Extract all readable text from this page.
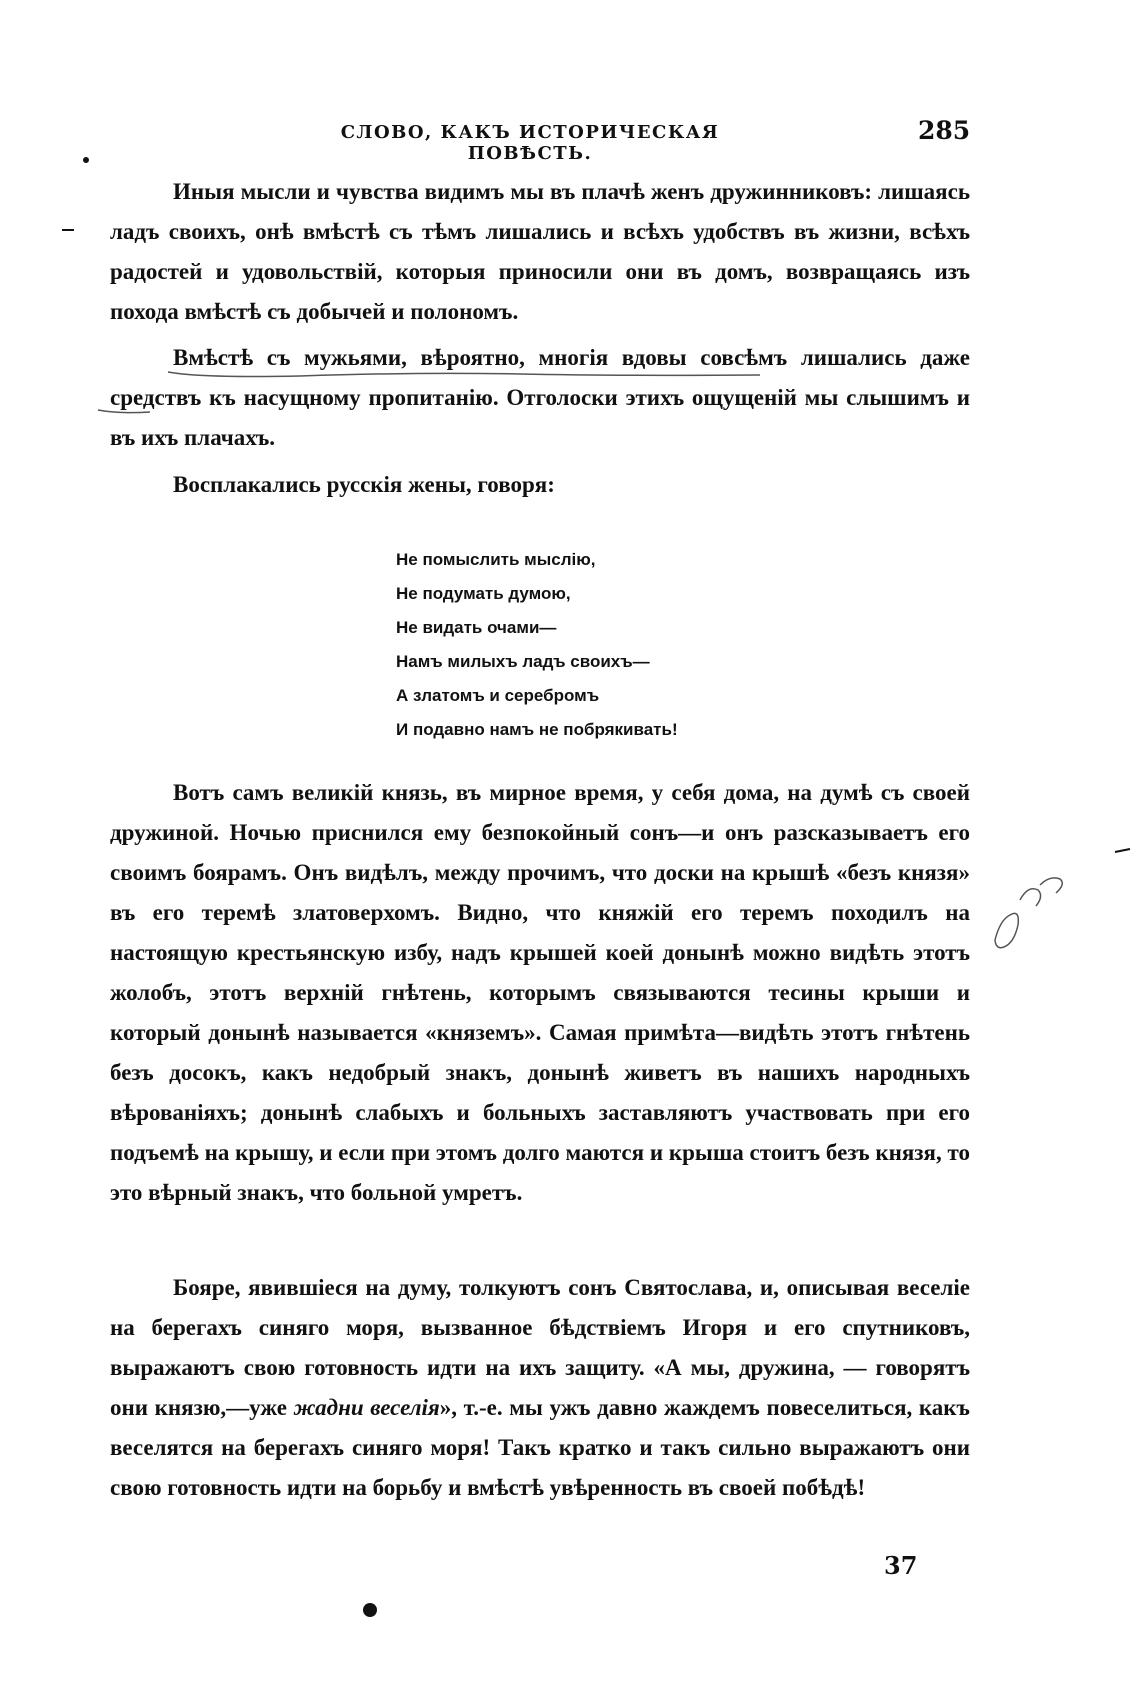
СЛОВО, КАКЪ ИСТОРИЧЕСКАЯ ПОВѢСТЬ.
285

Иныя мысли и чувства видимъ мы въ плачѣ женъ дружинниковъ: лишаясь ладъ своихъ, онѣ вмѣстѣ съ тѣмъ лишались и всѣхъ удобствъ въ жизни, всѣхъ радостей и удовольствій, которыя приносили они въ домъ, возвращаясь изъ похода вмѣстѣ съ добычей и полономъ.

Вмѣстѣ съ мужьями, вѣроятно, многія вдовы совсѣмъ лишались даже средствъ къ насущному пропитанію. Отголоски этихъ ощущеній мы слышимъ и въ ихъ плачахъ.

Восплакались русскія жены, говоря:

Не помыслить мыслію,
Не подумать думою,
Не видать очами—
Намъ милыхъ ладъ своихъ—
А златомъ и серебромъ
И подавно намъ не побрякивать!

Вотъ самъ великій князь, въ мирное время, у себя дома, на думѣ съ своей дружиной. Ночью приснился ему безпокойный сонъ—и онъ разсказываетъ его своимъ боярамъ. Онъ видѣлъ, между прочимъ, что доски на крышѣ «безъ князя» въ его теремѣ златоверхомъ. Видно, что княжій его теремъ походилъ на настоящую крестьянскую избу, надъ крышей коей донынѣ можно видѣть этотъ жолобъ, этотъ верхній гнѣтень, которымъ связываются тесины крыши и который донынѣ называется «княземъ». Самая примѣта—видѣть этотъ гнѣтень безъ досокъ, какъ недобрый знакъ, донынѣ живетъ въ нашихъ народныхъ вѣрованіяхъ; донынѣ слабыхъ и больныхъ заставляютъ участвовать при его подъемѣ на крышу, и если при этомъ долго маются и крыша стоитъ безъ князя, то это вѣрный знакъ, что больной умретъ.

Бояре, явившіеся на думу, толкуютъ сонъ Святослава, и, описывая веселіе на берегахъ синяго моря, вызванное бѣдствіемъ Игоря и его спутниковъ, выражаютъ свою готовность идти на ихъ защиту. «А мы, дружина, — говорятъ они князю,—уже жадни веселія», т.-е. мы ужъ давно жаждемъ повеселиться, какъ веселятся на берегахъ синяго моря! Такъ кратко и такъ сильно выражаютъ они свою готовность идти на борьбу и вмѣстѣ увѣренность въ своей побѣдѣ!

37
